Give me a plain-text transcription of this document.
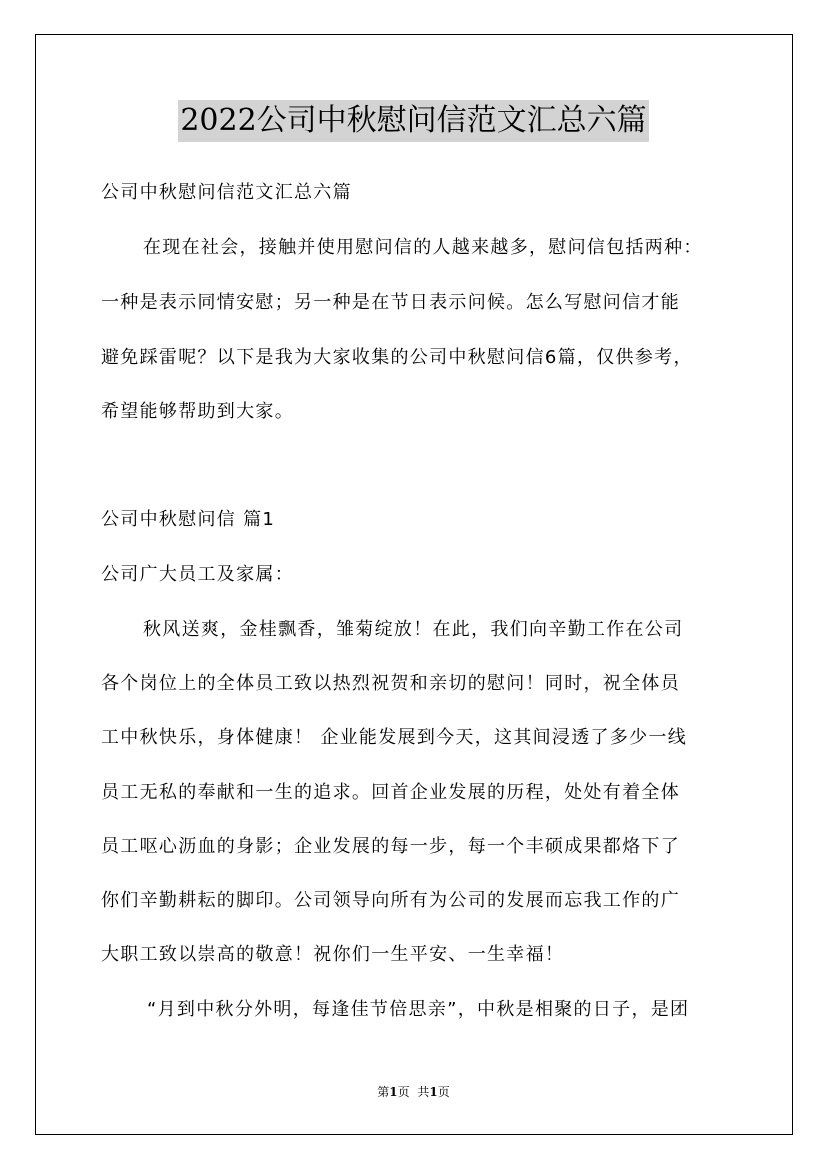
2022公司中秋慰问信范文汇总六篇
公司中秋慰问信范文汇总六篇
在现在社会，接触并使用慰问信的人越来越多，慰问信包括两种：
一种是表示同情安慰；另一种是在节日表示问候。怎么写慰问信才能
避免踩雷呢？以下是我为大家收集的公司中秋慰问信6篇，仅供参考，
希望能够帮助到大家。
公司中秋慰问信 篇1
公司广大员工及家属：
秋风送爽，金桂飘香，雏菊绽放！在此，我们向辛勤工作在公司
各个岗位上的全体员工致以热烈祝贺和亲切的慰问！同时，祝全体员
工中秋快乐，身体健康！ 企业能发展到今天，这其间浸透了多少一线
员工无私的奉献和一生的追求。回首企业发展的历程，处处有着全体
员工呕心沥血的身影；企业发展的每一步，每一个丰硕成果都烙下了
你们辛勤耕耘的脚印。公司领导向所有为公司的发展而忘我工作的广
大职工致以崇高的敬意！祝你们一生平安、一生幸福！
“月到中秋分外明，每逢佳节倍思亲”，中秋是相聚的日子，是团
第1页 共1页
